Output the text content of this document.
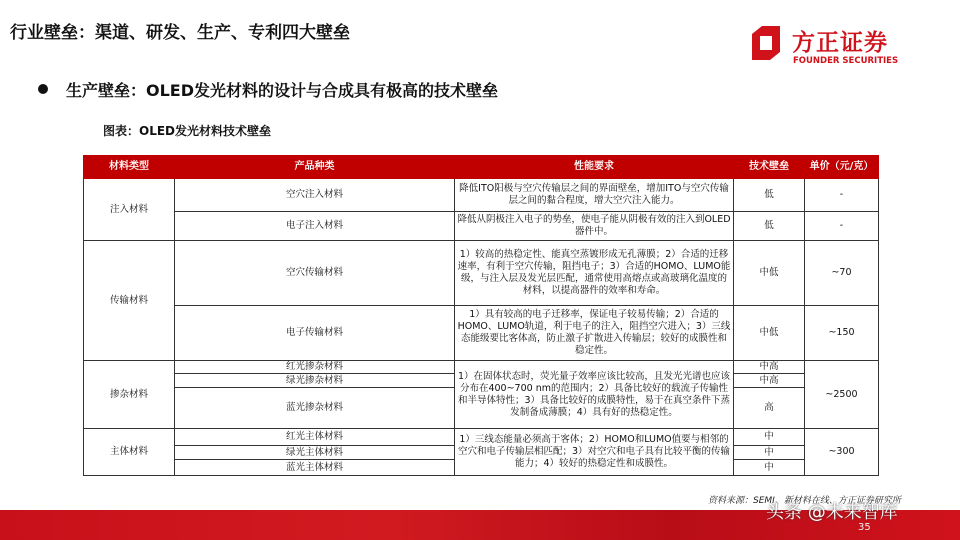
行业壁垒：渠道、研发、生产、专利四大壁垒	方正证券
FOUNDER SECURITIES
生产壁垒：OLED发光材料的设计与合成具有极高的技术壁垒
图表：OLED发光材料技术壁垒
材料类型	产品种类	性能要求	技术壁垒	单价（元/克）
注入材料	空穴注入材料	降低ITO阳极与空穴传输层之间的界面壁垒，增加ITO与空穴传输层之间的黏合程度，增大空穴注入能力。	低	-
	电子注入材料	降低从阴极注入电子的势垒，使电子能从阴极有效的注入到OLED器件中。	低	-
传输材料	空穴传输材料	1）较高的热稳定性、能真空蒸镀形成无孔薄膜；2）合适的迁移速率，有利于空穴传输，阻挡电子；3）合适的HOMO、LUMO能级，与注入层及发光层匹配，通常使用高熔点或高玻璃化温度的材料，以提高器件的效率和寿命。	中低	~70
	电子传输材料	1）具有较高的电子迁移率，保证电子较易传输；2）合适的HOMO、LUMO轨道，利于电子的注入，阻挡空穴进入；3）三线态能级要比客体高，防止激子扩散进入传输层；较好的成膜性和稳定性。	中低	~150
掺杂材料	红光掺杂材料	1）在固体状态时，荧光量子效率应该比较高，且发光光谱也应该分布在400~700 nm的范围内；2）具备比较好的载流子传输性和半导体特性；3）具备比较好的成膜特性，易于在真空条件下蒸发制备成薄膜；4）具有好的热稳定性。	中高	~2500
	绿光掺杂材料		中高	
	蓝光掺杂材料		高	
主体材料	红光主体材料	1）三线态能量必须高于客体；2）HOMO和LUMO值要与相邻的空穴和电子传输层相匹配；3）对空穴和电子具有比较平衡的传输能力；4）较好的热稳定性和成膜性。	中	~300
	绿光主体材料		中	
	蓝光主体材料		中	
资料来源：SEMI、新材料在线、方正证券研究所
头条 @未来智库
35
